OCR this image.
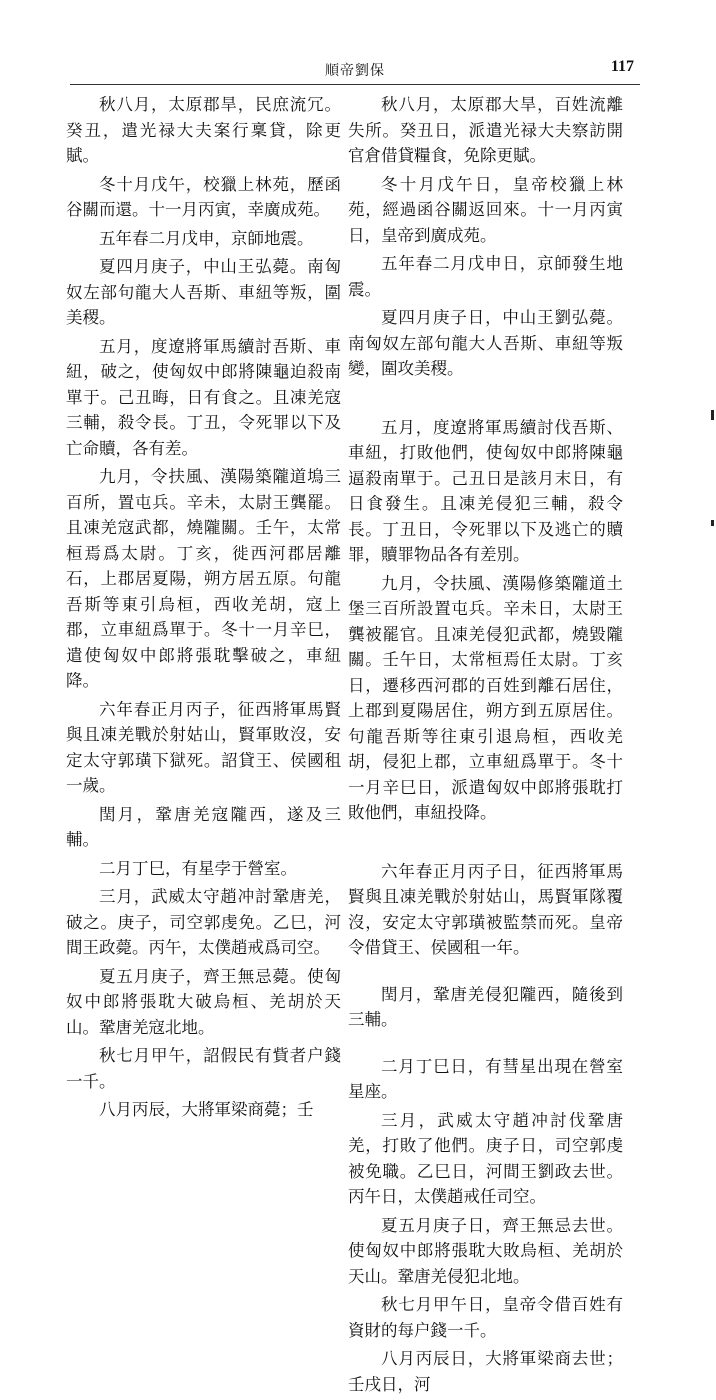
順帝劉保	117

秋八月，太原郡旱，民庶流冗。癸丑，遣光禄大夫案行稟貸，除更賦。

冬十月戊午，校獵上林苑，歷函谷關而還。十一月丙寅，幸廣成苑。

五年春二月戊申，京師地震。

夏四月庚子，中山王弘薨。南匈奴左部句龍大人吾斯、車紐等叛，圍美稷。

五月，度遼將軍馬續討吾斯、車紐，破之，使匈奴中郎將陳龜迫殺南單于。己丑晦，日有食之。且凍羌寇三輔，殺令長。丁丑，令死罪以下及亡命贖，各有差。

九月，令扶風、漢陽築隴道塢三百所，置屯兵。辛未，太尉王龔罷。且凍羌寇武都，燒隴關。壬午，太常桓焉爲太尉。丁亥，徙西河郡居離石，上郡居夏陽，朔方居五原。句龍吾斯等東引烏桓，西收羌胡，寇上郡，立車紐爲單于。冬十一月辛巳，遣使匈奴中郎將張耽擊破之，車紐降。

六年春正月丙子，征西將軍馬賢與且凍羌戰於射姑山，賢軍敗沒，安定太守郭璜下獄死。詔貸王、侯國租一歲。

閏月，鞏唐羌寇隴西，遂及三輔。

二月丁巳，有星孛于營室。

三月，武威太守趙冲討鞏唐羌，破之。庚子，司空郭虔免。乙巳，河間王政薨。丙午，太僕趙戒爲司空。

夏五月庚子，齊王無忌薨。使匈奴中郎將張耽大破烏桓、羌胡於天山。鞏唐羌寇北地。

秋七月甲午，詔假民有貲者户錢一千。

八月丙辰，大將軍梁商薨；壬

秋八月，太原郡大旱，百姓流離失所。癸丑日，派遣光禄大夫察訪開官倉借貸糧食，免除更賦。

冬十月戊午日，皇帝校獵上林苑，經過函谷關返回來。十一月丙寅日，皇帝到廣成苑。

五年春二月戊申日，京師發生地震。

夏四月庚子日，中山王劉弘薨。南匈奴左部句龍大人吾斯、車紐等叛變，圍攻美稷。

五月，度遼將軍馬續討伐吾斯、車紐，打敗他們，使匈奴中郎將陳龜逼殺南單于。己丑日是該月末日，有日食發生。且凍羌侵犯三輔，殺令長。丁丑日，令死罪以下及逃亡的贖罪，贖罪物品各有差別。

九月，令扶風、漢陽修築隴道土堡三百所設置屯兵。辛未日，太尉王龔被罷官。且凍羌侵犯武都，燒毀隴關。壬午日，太常桓焉任太尉。丁亥日，遷移西河郡的百姓到離石居住，上郡到夏陽居住，朔方到五原居住。句龍吾斯等往東引退烏桓，西收羌胡，侵犯上郡，立車紐爲單于。冬十一月辛巳日，派遣匈奴中郎將張耽打敗他們，車紐投降。

六年春正月丙子日，征西將軍馬賢與且凍羌戰於射姑山，馬賢軍隊覆沒，安定太守郭璜被監禁而死。皇帝令借貸王、侯國租一年。

閏月，鞏唐羌侵犯隴西，隨後到三輔。

二月丁巳日，有彗星出現在營室星座。

三月，武威太守趙冲討伐鞏唐羌，打敗了他們。庚子日，司空郭虔被免職。乙巳日，河間王劉政去世。丙午日，太僕趙戒任司空。

夏五月庚子日，齊王無忌去世。使匈奴中郎將張耽大敗烏桓、羌胡於天山。鞏唐羌侵犯北地。

秋七月甲午日，皇帝令借百姓有資財的每户錢一千。

八月丙辰日，大將軍梁商去世；壬戌日，河
